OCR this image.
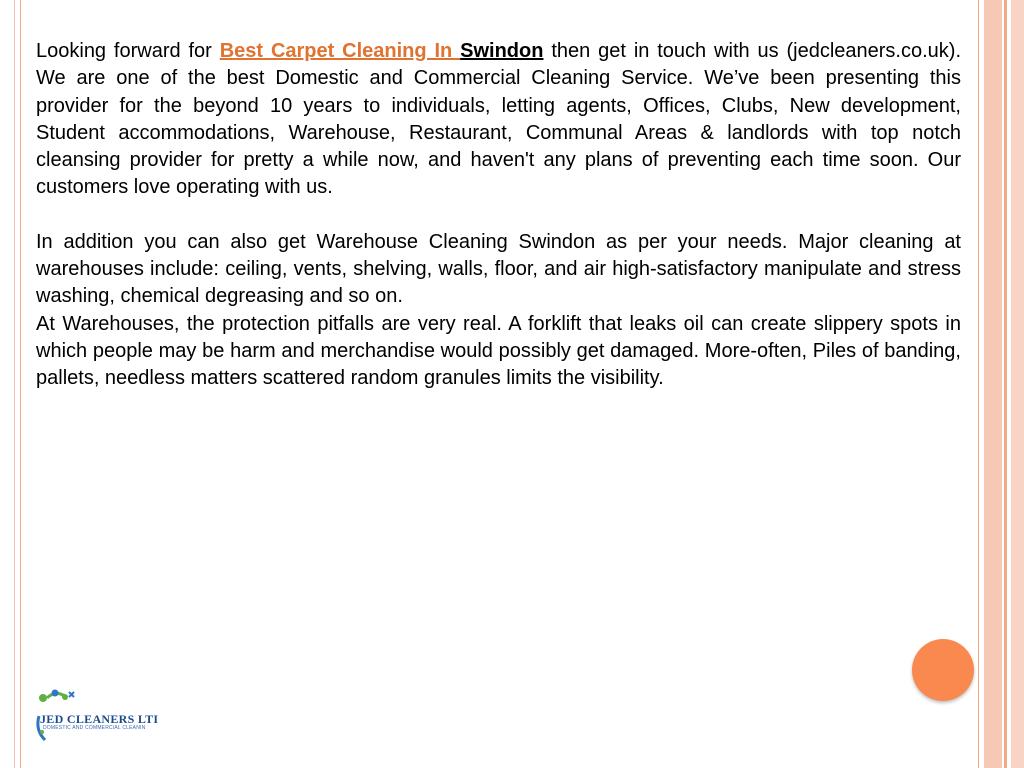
Looking forward for Best Carpet Cleaning In Swindon then get in touch with us (jedcleaners.co.uk). We are one of the best Domestic and Commercial Cleaning Service. We’ve been presenting this provider for the beyond 10 years to individuals, letting agents, Offices, Clubs, New development, Student accommodations, Warehouse, Restaurant, Communal Areas & landlords with top notch cleansing provider for pretty a while now, and haven't any plans of preventing each time soon. Our customers love operating with us.

In addition you can also get Warehouse Cleaning Swindon as per your needs. Major cleaning at warehouses include: ceiling, vents, shelving, walls, floor, and air high-satisfactory manipulate and stress washing, chemical degreasing and so on.

At Warehouses, the protection pitfalls are very real. A forklift that leaks oil can create slippery spots in which people may be harm and merchandise would possibly get damaged. More-often, Piles of banding, pallets, needless matters scattered random granules limits the visibility.

JED CLEANERS LTI
DOMESTIC AND COMMERCIAL CLEANIN
